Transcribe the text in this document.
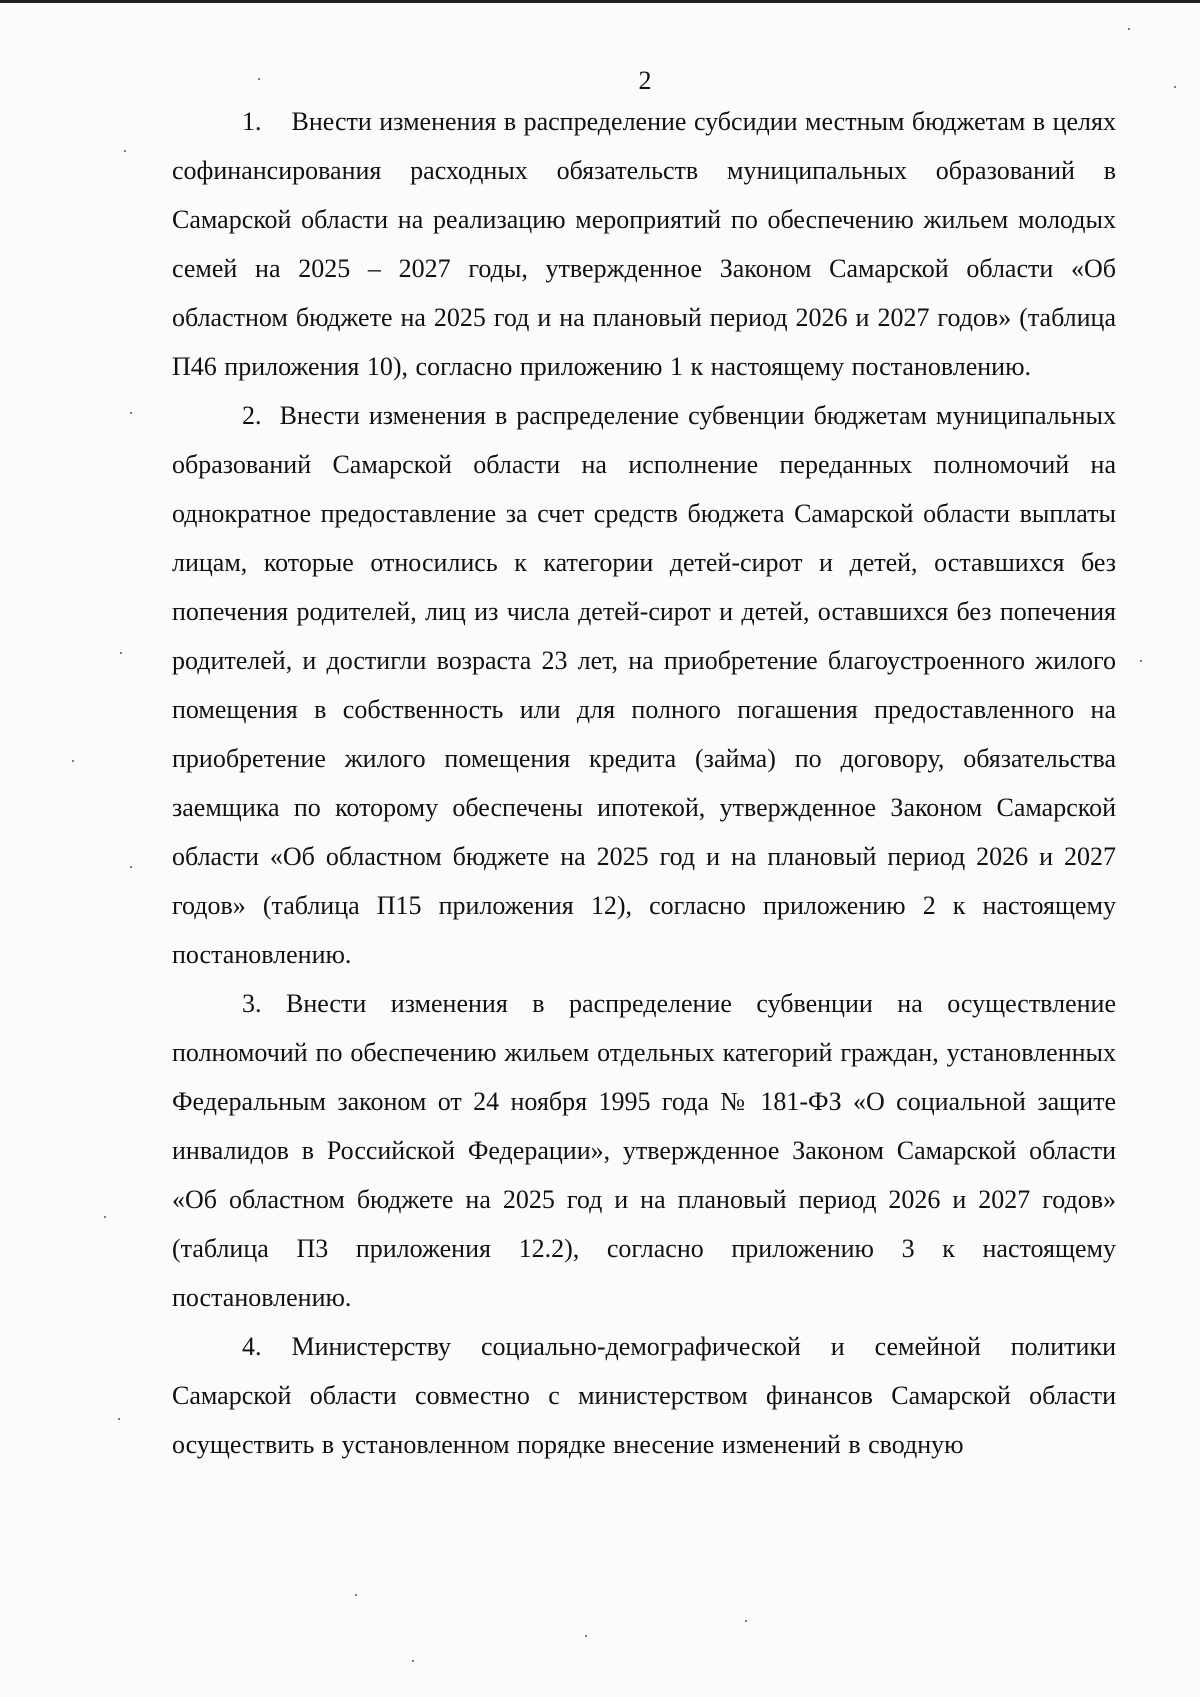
2

1.    Внести изменения в распределение субсидии местным бюджетам в целях софинансирования расходных обязательств муниципальных образований в Самарской области на реализацию мероприятий по обеспечению жильем молодых семей на 2025 – 2027 годы, утвержденное Законом Самарской области «Об областном бюджете на 2025 год и на плановый период 2026 и 2027 годов» (таблица П46 приложения 10), согласно приложению 1 к настоящему постановлению.

2.  Внести изменения в распределение субвенции бюджетам муниципальных образований Самарской области на исполнение переданных полномочий на однократное предоставление за счет средств бюджета Самарской области выплаты лицам, которые относились к категории детей-сирот и детей, оставшихся без попечения родителей, лиц из числа детей-сирот и детей, оставшихся без попечения родителей, и достигли возраста 23 лет, на приобретение благоустроенного жилого помещения в собственность или для полного погашения предоставленного на приобретение жилого помещения кредита (займа) по договору, обязательства заемщика по которому обеспечены ипотекой, утвержденное Законом Самарской области «Об областном бюджете на 2025 год и на плановый период 2026 и 2027 годов» (таблица П15 приложения 12), согласно приложению 2 к настоящему постановлению.

3. Внести изменения в распределение субвенции на осуществление полномочий по обеспечению жильем отдельных категорий граждан, установленных Федеральным законом от 24 ноября 1995 года № 181-ФЗ «О социальной защите инвалидов в Российской Федерации», утвержденное Законом Самарской области «Об областном бюджете на 2025 год и на плановый период 2026 и 2027 годов» (таблица П3 приложения 12.2), согласно приложению 3 к настоящему постановлению.

4. Министерству социально-демографической и семейной политики Самарской области совместно с министерством финансов Самарской области осуществить в установленном порядке внесение изменений в сводную
